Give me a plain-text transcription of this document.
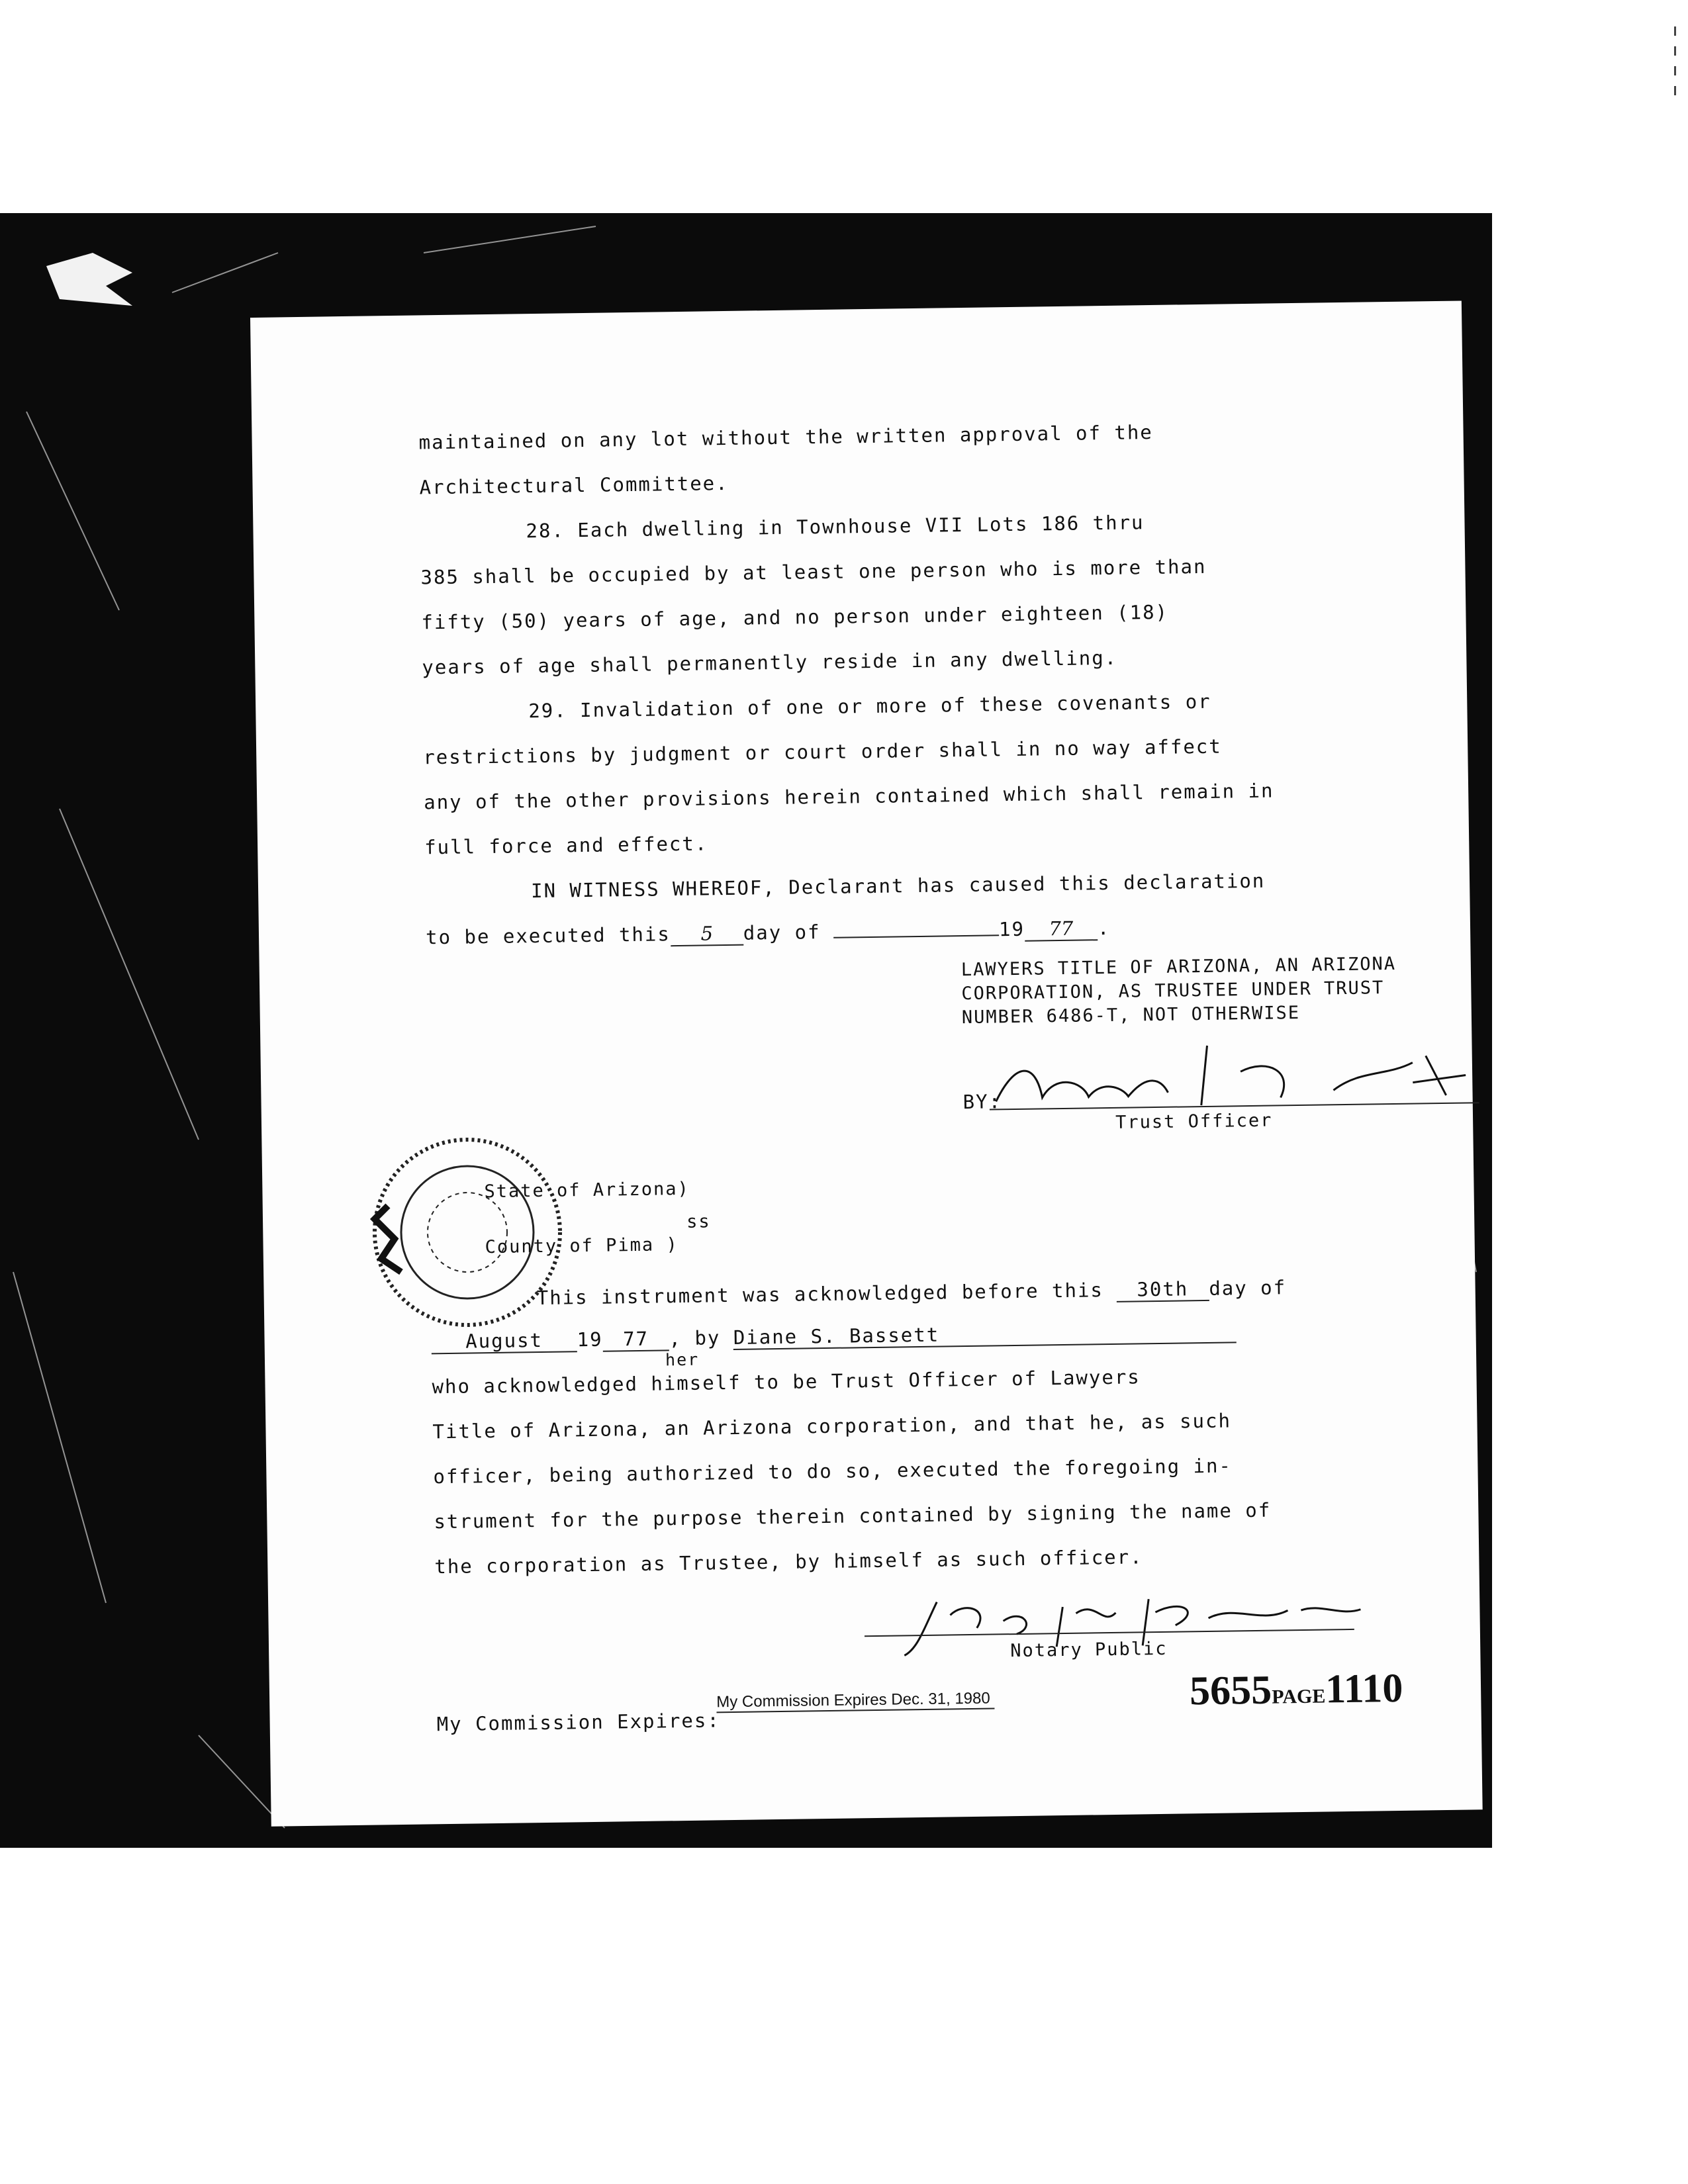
maintained on any lot without the written approval of the
Architectural Committee.
28. Each dwelling in Townhouse VII Lots 186 thru
385 shall be occupied by at least one person who is more than
fifty (50) years of age, and no person under eighteen (18)
years of age shall permanently reside in any dwelling.
29. Invalidation of one or more of these covenants or
restrictions by judgment or court order shall in no way affect
any of the other provisions herein contained which shall remain in
full force and effect.
IN WITNESS WHEREOF, Declarant has caused this declaration
to be executed this 5 day of	19 77 .
LAWYERS TITLE OF ARIZONA, AN ARIZONA
CORPORATION, AS TRUSTEE UNDER TRUST
NUMBER 6486-T, NOT OTHERWISE
BY:
Trust Officer
State of Arizona)
ss
County of Pima )
This instrument was acknowledged before this 30th day of
August 19 77 , by Diane S. Bassett
her
who acknowledged himself to be Trust Officer of Lawyers
Title of Arizona, an Arizona corporation, and that he, as such
officer, being authorized to do so, executed the foregoing in-
strument for the purpose therein contained by signing the name of
the corporation as Trustee, by himself as such officer.
Notary Public
My Commission Expires:
My Commission Expires Dec. 31, 1980	5655PAGE1110
